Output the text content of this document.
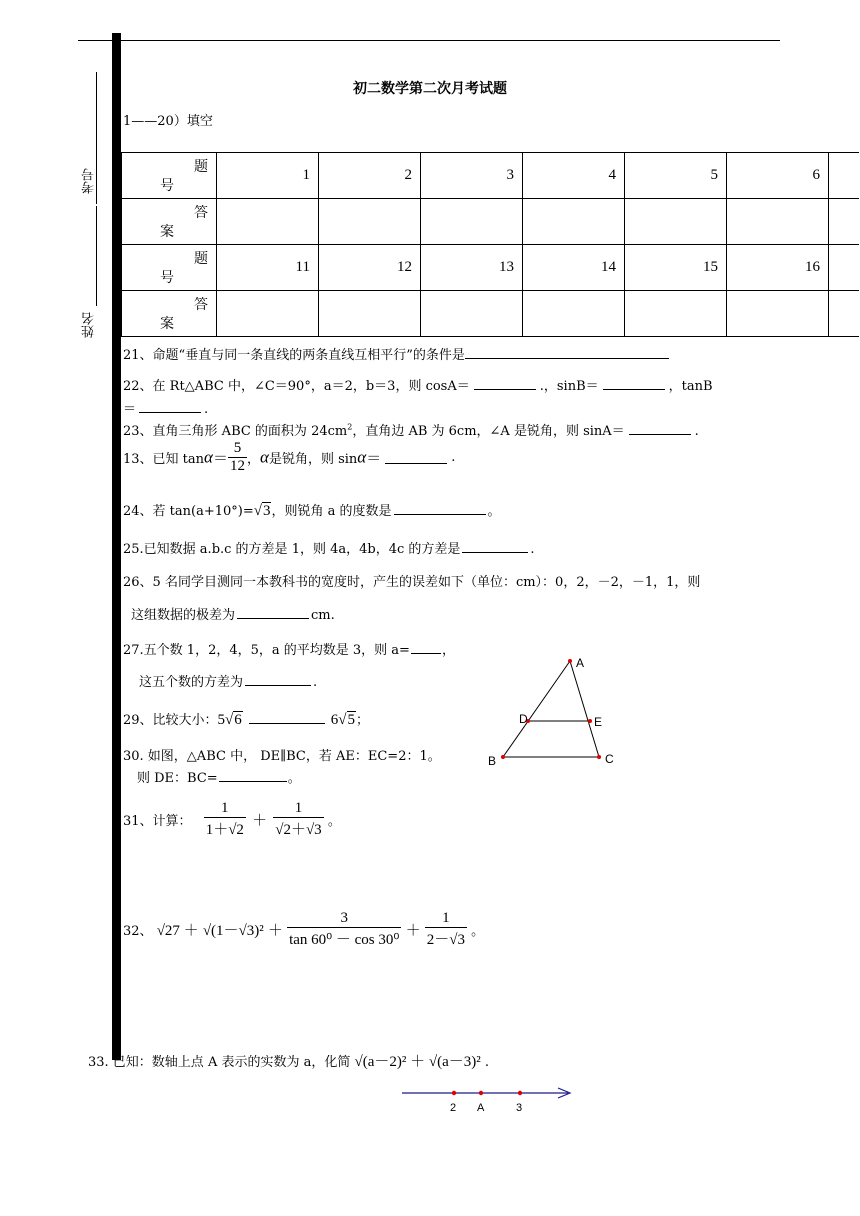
考号
姓名
初二数学第二次月考试题
1——20）填空
题
号	1	2	3	4	5	6	

答
案							

题
号	11	12	13	14	15	16	

答
案							

21、命题“垂直与同一条直线的两条直线互相平行”的条件是
22、在 Rt△ABC 中，∠C＝90°，a＝2，b＝3，则 cosA＝	.，sinB＝	，tanB
＝	.
23、直角三角形 ABC 的面积为 $24cm^2$，直角边 AB 为 6cm，∠A 是锐角，则 sinA＝	.
13、已知 $\tan\alpha= \frac{5}{12}$ ，α是锐角，则 sinα＝	.
24、若 tan(a+10°)=√3，则锐角 a 的度数是	。
25.已知数据 a.b.c 的方差是 1，则 4a，4b，4c 的方差是	.
26、5 名同学目测同一本教科书的宽度时，产生的误差如下（单位：cm）：0，2，－2，－1，1，则
这组数据的极差为	cm.
27.五个数 1，2，4，5，a 的平均数是 3，则 a= ，
这五个数的方差为	.
29、比较大小：5√6	6√5；
30. 如图，△ABC 中， DE∥BC，若 AE：EC=2：1。
则 DE：BC=	。
A
B	C
D	E
31、计算： $\frac{1}{1+√2} + \frac{1}{√2+√3}$ 。
32、 $√27 + √(1-√3)^2 + \frac{3}{\text{tan 60⁰ － cos 30⁰}} + \frac{1}{2-√3}$ 。
33. 已知：数轴上点 A 表示的实数为 a，化简 √(a－2)² ＋ √(a－3)² .
2 A	3
